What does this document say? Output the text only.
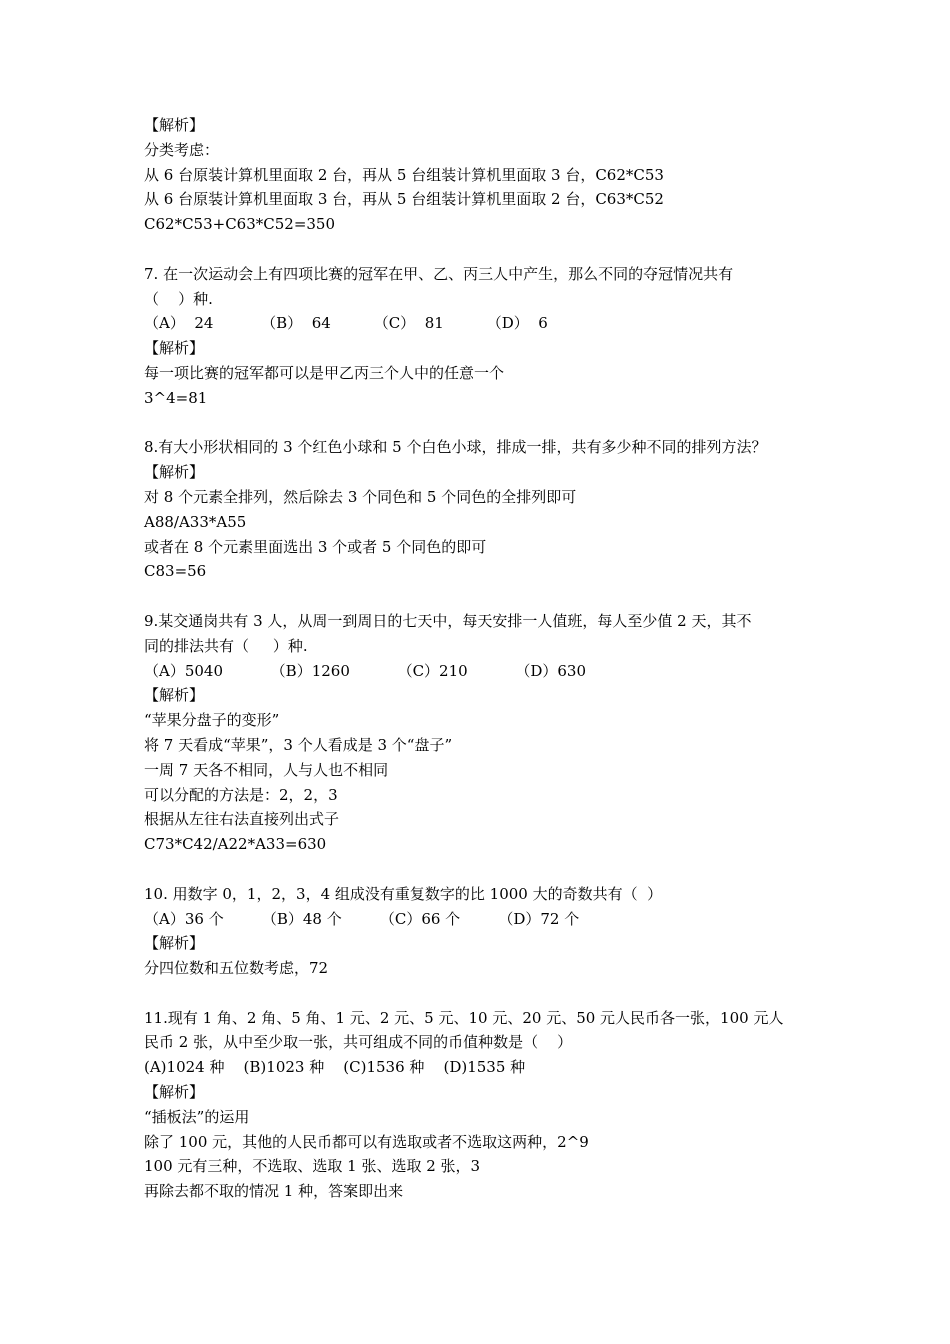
【解析】
分类考虑：
从 6 台原装计算机里面取 2 台，再从 5 台组装计算机里面取 3 台，C62*C53
从 6 台原装计算机里面取 3 台，再从 5 台组装计算机里面取 2 台，C63*C52
C62*C53+C63*C52=350
7. 在一次运动会上有四项比赛的冠军在甲、乙、丙三人中产生，那么不同的夺冠情况共有
（    ）种.
（A）  24          （B）  64         （C）  81         （D）  6
【解析】
每一项比赛的冠军都可以是甲乙丙三个人中的任意一个
3^4=81
8.有大小形状相同的 3 个红色小球和 5 个白色小球，排成一排，共有多少种不同的排列方法？
【解析】
对 8 个元素全排列，然后除去 3 个同色和 5 个同色的全排列即可
A88/A33*A55
或者在 8 个元素里面选出 3 个或者 5 个同色的即可
C83=56
9.某交通岗共有 3 人，从周一到周日的七天中，每天安排一人值班，每人至少值 2 天，其不
同的排法共有（     ）种.
（A）5040          （B）1260          （C）210          （D）630
【解析】
“苹果分盘子的变形”
将 7 天看成“苹果”，3 个人看成是 3 个“盘子”
一周 7 天各不相同，人与人也不相同
可以分配的方法是：2，2，3
根据从左往右法直接列出式子
C73*C42/A22*A33=630
10. 用数字 0，1，2，3，4 组成没有重复数字的比 1000 大的奇数共有（  ）
（A）36 个        （B）48 个        （C）66 个        （D）72 个
【解析】
分四位数和五位数考虑，72
11.现有 1 角、2 角、5 角、1 元、2 元、5 元、10 元、20 元、50 元人民币各一张，100 元人
民币 2 张，从中至少取一张，共可组成不同的币值种数是（    ）
(A)1024 种    (B)1023 种    (C)1536 种    (D)1535 种
【解析】
“插板法”的运用
除了 100 元，其他的人民币都可以有选取或者不选取这两种，2^9
100 元有三种，不选取、选取 1 张、选取 2 张，3
再除去都不取的情况 1 种，答案即出来
